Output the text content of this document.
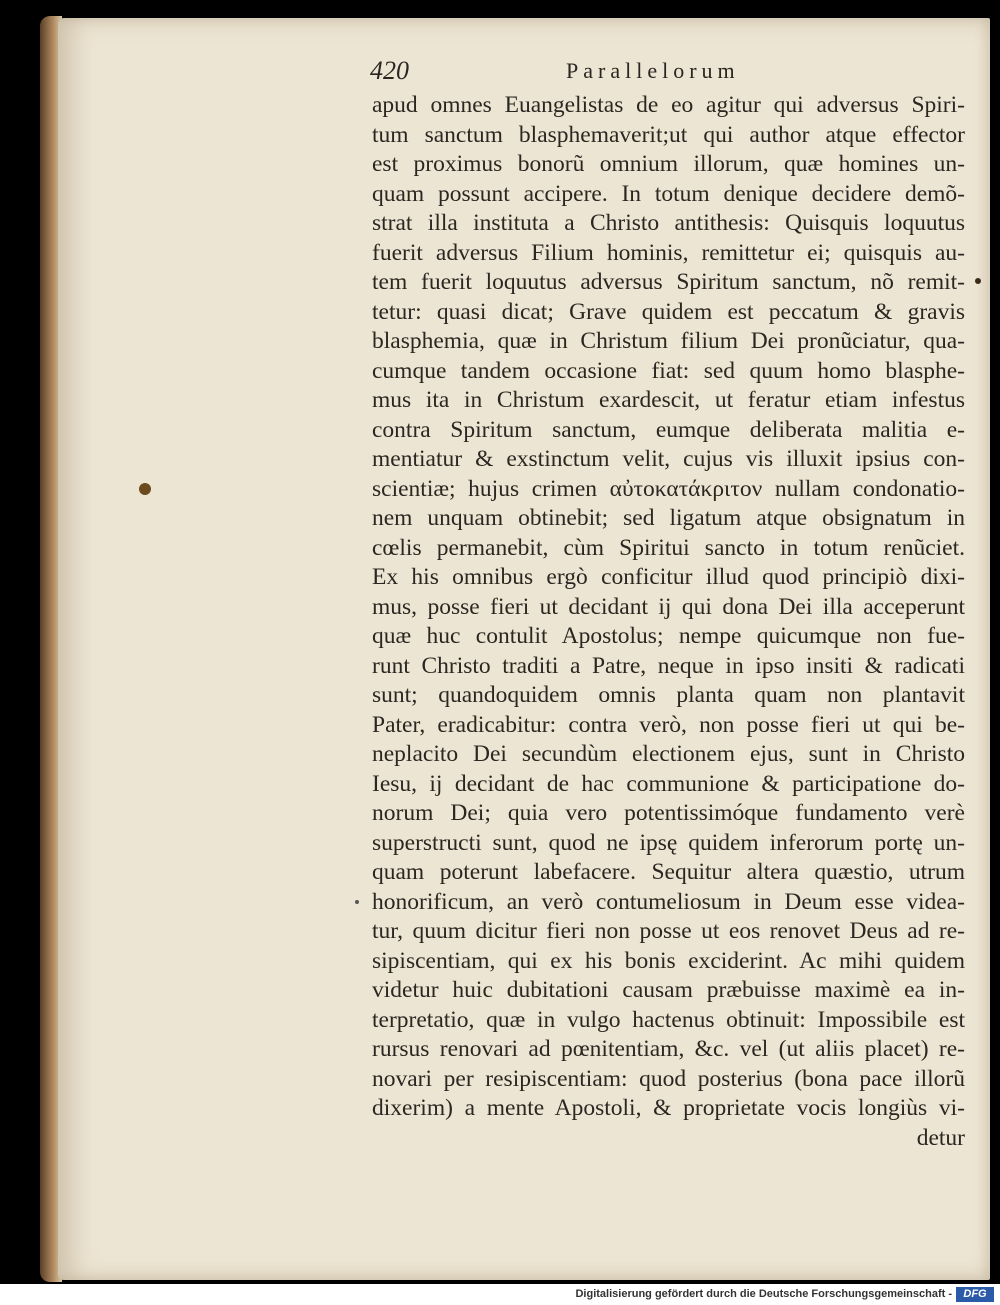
420	Parallelorum
apud omnes Euangelistas de eo agitur qui adversus Spiri-
tum sanctum blasphemaverit;ut qui author atque effector
est proximus bonorũ omnium illorum, quæ homines un-
quam possunt accipere. In totum denique decidere demõ-
strat illa instituta a Christo antithesis: Quisquis loquutus
fuerit adversus Filium hominis, remittetur ei; quisquis au-
tem fuerit loquutus adversus Spiritum sanctum, nõ remit-
tetur: quasi dicat; Grave quidem est peccatum & gravis
blasphemia, quæ in Christum filium Dei pronũciatur, qua-
cumque tandem occasione fiat: sed quum homo blasphe-
mus ita in Christum exardescit, ut feratur etiam infestus
contra Spiritum sanctum, eumque deliberata malitia e-
mentiatur & exstinctum velit, cujus vis illuxit ipsius con-
scientiæ; hujus crimen αὐτοκατάκριτον nullam condonatio-
nem unquam obtinebit; sed ligatum atque obsignatum in
cœlis permanebit, cùm Spiritui sancto in totum renũciet.
Ex his omnibus ergò conficitur illud quod principiò dixi-
mus, posse fieri ut decidant ij qui dona Dei illa acceperunt
quæ huc contulit Apostolus; nempe quicumque non fue-
runt Christo traditi a Patre, neque in ipso insiti & radicati
sunt; quandoquidem omnis planta quam non plantavit
Pater, eradicabitur: contra verò, non posse fieri ut qui be-
neplacito Dei secundùm electionem ejus, sunt in Christo
Iesu, ij decidant de hac communione & participatione do-
norum Dei; quia vero potentissimóque fundamento verè
superstructi sunt, quod ne ipsę quidem inferorum portę un-
quam poterunt labefacere. Sequitur altera quæstio, utrum
honorificum, an verò contumeliosum in Deum esse videa-
tur, quum dicitur fieri non posse ut eos renovet Deus ad re-
sipiscentiam, qui ex his bonis exciderint. Ac mihi quidem
videtur huic dubitationi causam præbuisse maximè ea in-
terpretatio, quæ in vulgo hactenus obtinuit: Impossibile est
rursus renovari ad pœnitentiam, &c. vel (ut aliis placet) re-
novari per resipiscentiam: quod posterius (bona pace illorũ
dixerim) a mente Apostoli, & proprietate vocis longiùs vi-
detur
Digitalisierung gefördert durch die Deutsche Forschungsgemeinschaft -	DFG
